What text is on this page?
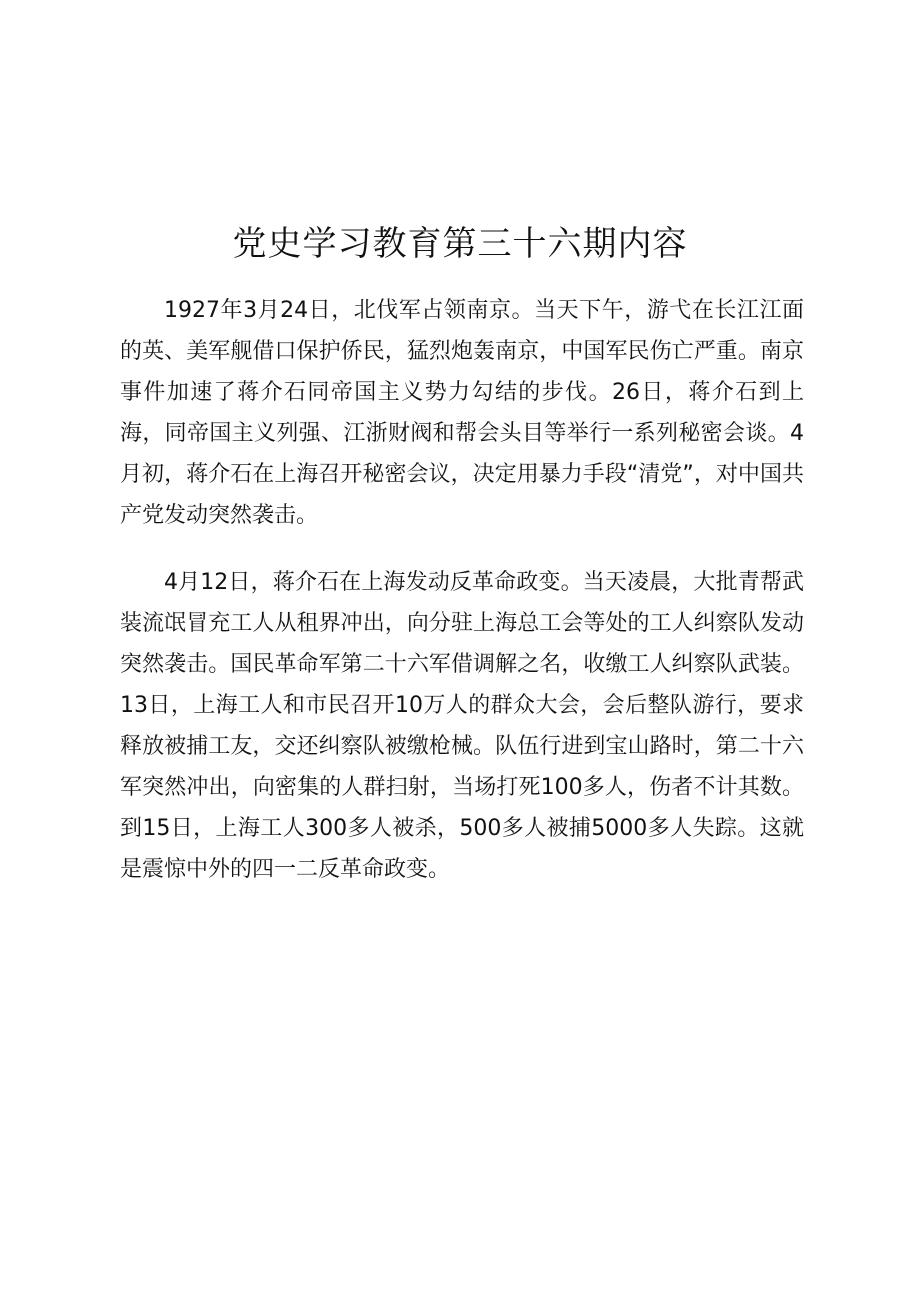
党史学习教育第三十六期内容

1927年3月24日，北伐军占领南京。当天下午，游弋在长江江面的英、美军舰借口保护侨民，猛烈炮轰南京，中国军民伤亡严重。南京事件加速了蒋介石同帝国主义势力勾结的步伐。26日，蒋介石到上海，同帝国主义列强、江浙财阀和帮会头目等举行一系列秘密会谈。4月初，蒋介石在上海召开秘密会议，决定用暴力手段“清党”，对中国共产党发动突然袭击。

4月12日，蒋介石在上海发动反革命政变。当天凌晨，大批青帮武装流氓冒充工人从租界冲出，向分驻上海总工会等处的工人纠察队发动突然袭击。国民革命军第二十六军借调解之名，收缴工人纠察队武装。13日，上海工人和市民召开10万人的群众大会，会后整队游行，要求释放被捕工友，交还纠察队被缴枪械。队伍行进到宝山路时，第二十六军突然冲出，向密集的人群扫射，当场打死100多人，伤者不计其数。到15日，上海工人300多人被杀，500多人被捕5000多人失踪。这就是震惊中外的四一二反革命政变。
